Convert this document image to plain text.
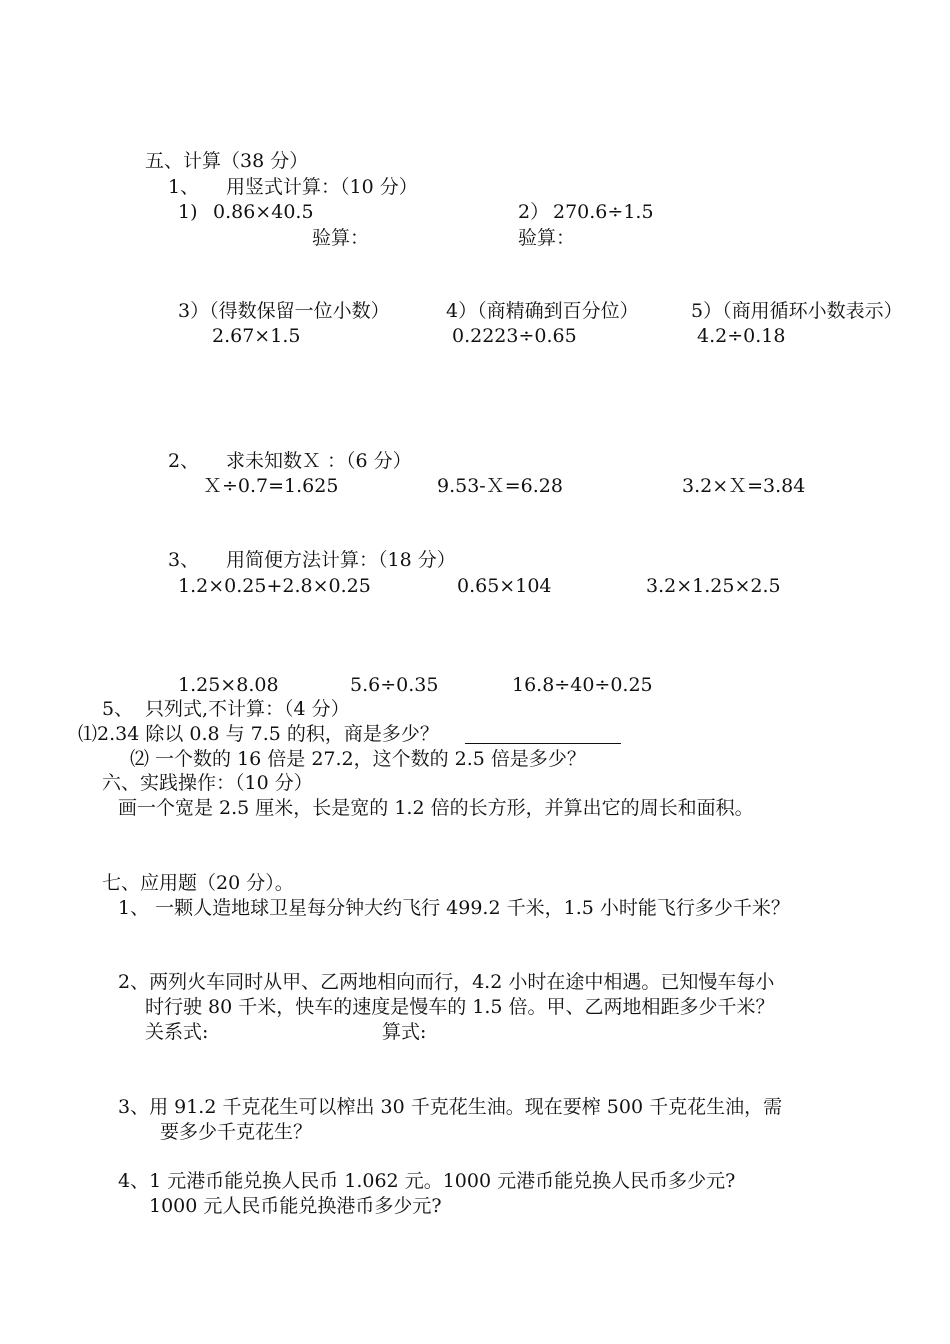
五、计算（38 分）
1、 用竖式计算：（10 分）
1) 0.86×40.5	2） 270.6÷1.5
验算：	验算：
3）（得数保留一位小数）	4）（商精确到百分位）	5）（商用循环小数表示）
2.67×1.5	0.2223÷0.65	4.2÷0.18
2、 求未知数Ｘ ：（6 分）
Ｘ÷0.7=1.625	9.53-Ｘ=6.28	3.2×Ｘ=3.84
3、 用简便方法计算：（18 分）
1.2×0.25+2.8×0.25	0.65×104	3.2×1.25×2.5
1.25×8.08	5.6÷0.35	16.8÷40÷0.25
5、 只列式,不计算：（4 分）
⑴2.34 除以 0.8 与 7.5 的积，商是多少？
⑵ 一个数的 16 倍是 27.2，这个数的 2.5 倍是多少？
六、实践操作：（10 分）
画一个宽是 2.5 厘米，长是宽的 1.2 倍的长方形，并算出它的周长和面积。
七、应用题（20 分）。
1、 一颗人造地球卫星每分钟大约飞行 499.2 千米，1.5 小时能飞行多少千米？
2、两列火车同时从甲、乙两地相向而行，4.2 小时在途中相遇。已知慢车每小
时行驶 80 千米，快车的速度是慢车的 1.5 倍。甲、乙两地相距多少千米？
关系式:	算式:
3、用 91.2 千克花生可以榨出 30 千克花生油。现在要榨 500 千克花生油，需
要多少千克花生？
4、1 元港币能兑换人民币 1.062 元。1000 元港币能兑换人民币多少元?
1000 元人民币能兑换港币多少元?
